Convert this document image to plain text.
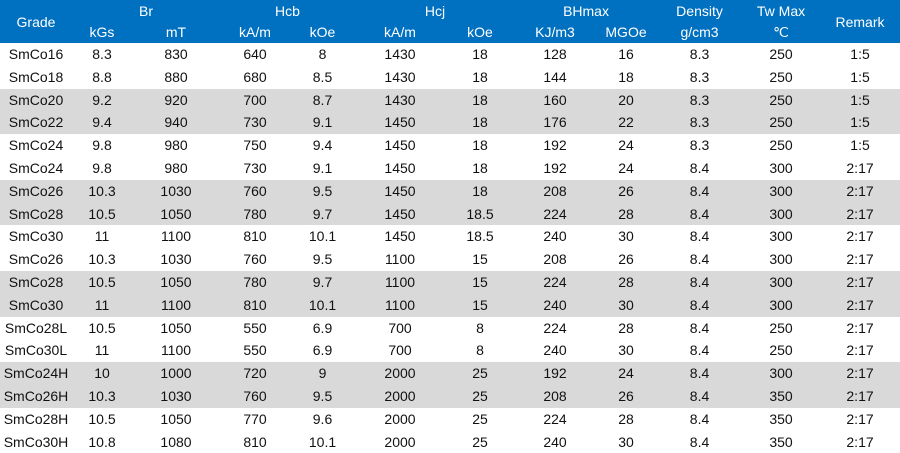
Grade	Br		Hcb		Hcj		BHmax		Density	Tw Max	Remark
	kGs	mT	kA/m	kOe	kA/m	kOe	KJ/m3	MGOe	g/cm3	℃	
SmCo16	8.3	830	640	8	1430	18	128	16	8.3	250	1:5
SmCo18	8.8	880	680	8.5	1430	18	144	18	8.3	250	1:5
SmCo20	9.2	920	700	8.7	1430	18	160	20	8.3	250	1:5
SmCo22	9.4	940	730	9.1	1450	18	176	22	8.3	250	1:5
SmCo24	9.8	980	750	9.4	1450	18	192	24	8.3	250	1:5
SmCo24	9.8	980	730	9.1	1450	18	192	24	8.4	300	2:17
SmCo26	10.3	1030	760	9.5	1450	18	208	26	8.4	300	2:17
SmCo28	10.5	1050	780	9.7	1450	18.5	224	28	8.4	300	2:17
SmCo30	11	1100	810	10.1	1450	18.5	240	30	8.4	300	2:17
SmCo26	10.3	1030	760	9.5	1100	15	208	26	8.4	300	2:17
SmCo28	10.5	1050	780	9.7	1100	15	224	28	8.4	300	2:17
SmCo30	11	1100	810	10.1	1100	15	240	30	8.4	300	2:17
SmCo28L	10.5	1050	550	6.9	700	8	224	28	8.4	250	2:17
SmCo30L	11	1100	550	6.9	700	8	240	30	8.4	250	2:17
SmCo24H	10	1000	720	9	2000	25	192	24	8.4	300	2:17
SmCo26H	10.3	1030	760	9.5	2000	25	208	26	8.4	350	2:17
SmCo28H	10.5	1050	770	9.6	2000	25	224	28	8.4	350	2:17
SmCo30H	10.8	1080	810	10.1	2000	25	240	30	8.4	350	2:17
